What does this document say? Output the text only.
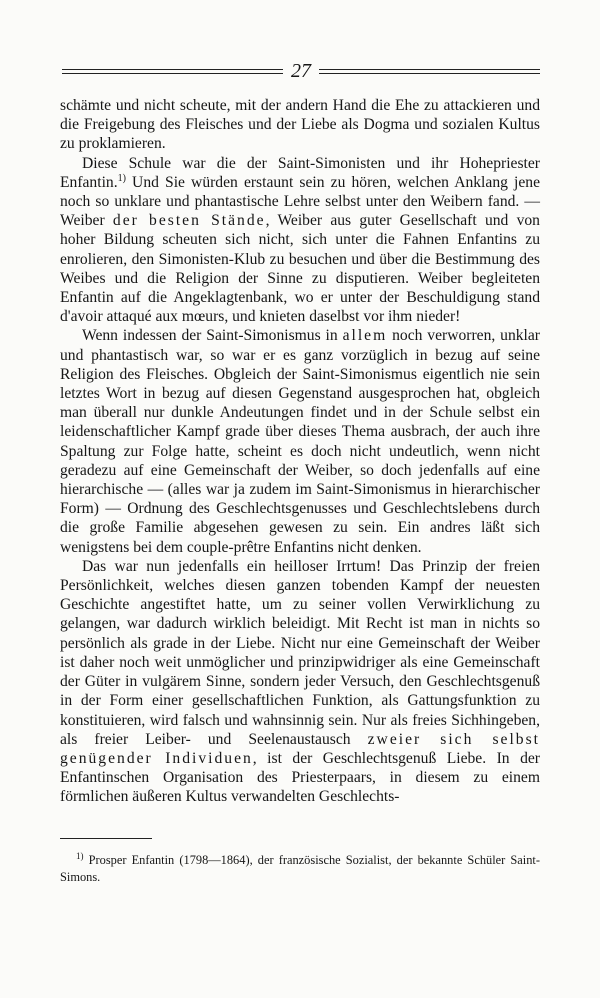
27

schämte und nicht scheute, mit der andern Hand die Ehe zu attackieren und die Freigebung des Fleisches und der Liebe als Dogma und sozialen Kultus zu proklamieren.

Diese Schule war die der Saint-Simonisten und ihr Hohepriester Enfantin.$^{1)}$ Und Sie würden erstaunt sein zu hören, welchen Anklang jene noch so unklare und phantastische Lehre selbst unter den Weibern fand. — Weiber der besten Stände, Weiber aus guter Gesellschaft und von hoher Bildung scheuten sich nicht, sich unter die Fahnen Enfantins zu enrolieren, den Simonisten-Klub zu besuchen und über die Bestimmung des Weibes und die Religion der Sinne zu disputieren. Weiber begleiteten Enfantin auf die Angeklagtenbank, wo er unter der Beschuldigung stand d'avoir attaqué aux mœurs, und knieten daselbst vor ihm nieder!

Wenn indessen der Saint-Simonismus in allem noch verworren, unklar und phantastisch war, so war er es ganz vorzüglich in bezug auf seine Religion des Fleisches. Obgleich der Saint-Simonismus eigentlich nie sein letztes Wort in bezug auf diesen Gegenstand ausgesprochen hat, obgleich man überall nur dunkle Andeutungen findet und in der Schule selbst ein leidenschaftlicher Kampf grade über dieses Thema ausbrach, der auch ihre Spaltung zur Folge hatte, scheint es doch nicht undeutlich, wenn nicht geradezu auf eine Gemeinschaft der Weiber, so doch jedenfalls auf eine hierarchische — (alles war ja zudem im Saint-Simonismus in hierarchischer Form) — Ordnung des Geschlechtsgenusses und Geschlechtslebens durch die große Familie abgesehen gewesen zu sein. Ein andres läßt sich wenigstens bei dem couple-prêtre Enfantins nicht denken.

Das war nun jedenfalls ein heilloser Irrtum! Das Prinzip der freien Persönlichkeit, welches diesen ganzen tobenden Kampf der neuesten Geschichte angestiftet hatte, um zu seiner vollen Verwirklichung zu gelangen, war dadurch wirklich beleidigt. Mit Recht ist man in nichts so persönlich als grade in der Liebe. Nicht nur eine Gemeinschaft der Weiber ist daher noch weit unmöglicher und prinzipwidriger als eine Gemeinschaft der Güter in vulgärem Sinne, sondern jeder Versuch, den Geschlechtsgenuß in der Form einer gesellschaftlichen Funktion, als Gattungsfunktion zu konstituieren, wird falsch und wahnsinnig sein. Nur als freies Sichhingeben, als freier Leiber- und Seelenaustausch zweier sich selbst genügender Individuen, ist der Geschlechtsgenuß Liebe. In der Enfantinschen Organisation des Priesterpaars, in diesem zu einem förmlichen äußeren Kultus verwandelten Geschlechts-

$^{1)}$ Prosper Enfantin (1798—1864), der französische Sozialist, der bekannte Schüler Saint-Simons.
